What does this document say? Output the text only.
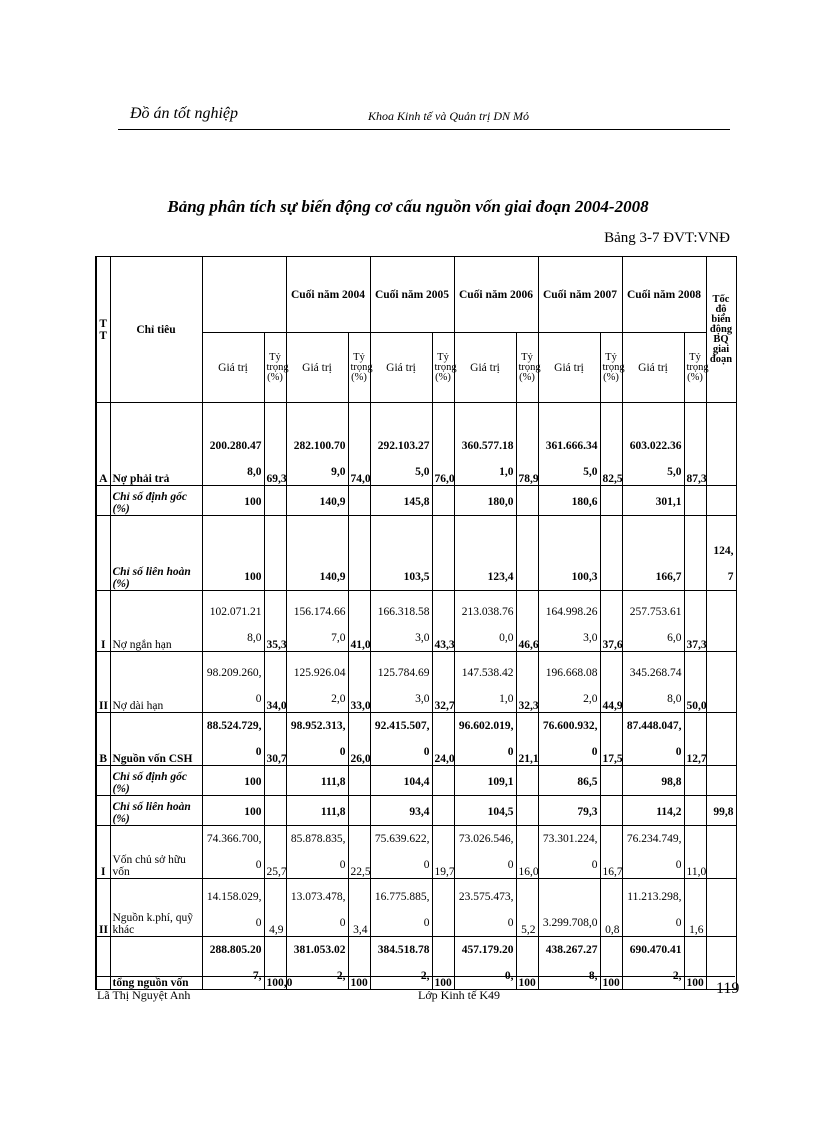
Đồ án tốt nghiệp	Khoa Kinh tế và Quản trị DN Mỏ
Bảng phân tích sự biến động cơ cấu nguồn vốn giai đoạn 2004-2008
Bảng 3-7 ĐVT:VNĐ
T T	Chỉ tiêu			Cuối năm 2004		Cuối năm 2005		Cuối năm 2006		Cuối năm 2007		Cuối năm 2008		Tốc độ biến động BQ giai đoạn
		Giá trị	Tỷ trọng (%)	Giá trị	Tỷ trọng (%)	Giá trị	Tỷ trọng (%)	Giá trị	Tỷ trọng (%)	Giá trị	Tỷ trọng (%)	Giá trị	Tỷ trọng (%)	
A	Nợ phải trả	200.280.478,0	69,3	282.100.709,0	74,0	292.103.275,0	76,0	360.577.181,0	78,9	361.666.345,0	82,5	603.022.365,0	87,3	
	Chỉ số định gốc (%)	100		140,9		145,8		180,0		180,6		301,1		
	Chỉ số liên hoàn (%)	100		140,9		103,5		123,4		100,3		166,7		124,7
I	Nợ ngắn hạn	102.071.218,0	35,3	156.174.667,0	41,0	166.318.583,0	43,3	213.038.760,0	46,6	164.998.263,0	37,6	257.753.616,0	37,3	
II	Nợ dài hạn	98.209.260,0	34,0	125.926.042,0	33,0	125.784.693,0	32,7	147.538.421,0	32,3	196.668.082,0	44,9	345.268.748,0	50,0	
B	Nguồn vốn CSH	88.524.729,0	30,7	98.952.313,0	26,0	92.415.507,0	24,0	96.602.019,0	21,1	76.600.932,0	17,5	87.448.047,0	12,7	
	Chỉ số định gốc (%)	100		111,8		104,4		109,1		86,5		98,8		
	Chỉ số liên hoàn (%)	100		111,8		93,4		104,5		79,3		114,2		99,8
I	Vốn chủ sở hữu vốn	74.366.700,0	25,7	85.878.835,0	22,5	75.639.622,0	19,7	73.026.546,0	16,0	73.301.224,0	16,7	76.234.749,0	11,0	
II	Nguồn k.phí, quỹ khác	14.158.029,0	4,9	13.073.478,0	3,4	16.775.885,0		23.575.473,0	5,2	3.299.708,0	0,8	11.213.298,0	1,6	
	tổng nguồn vốn	288.805.207,	100,0	381.053.022,	100	384.518.782,	100	457.179.200,	100	438.267.278,	100	690.470.412,	100	
Lã Thị Nguyệt Anh	Lớp Kinh tế K49	119
